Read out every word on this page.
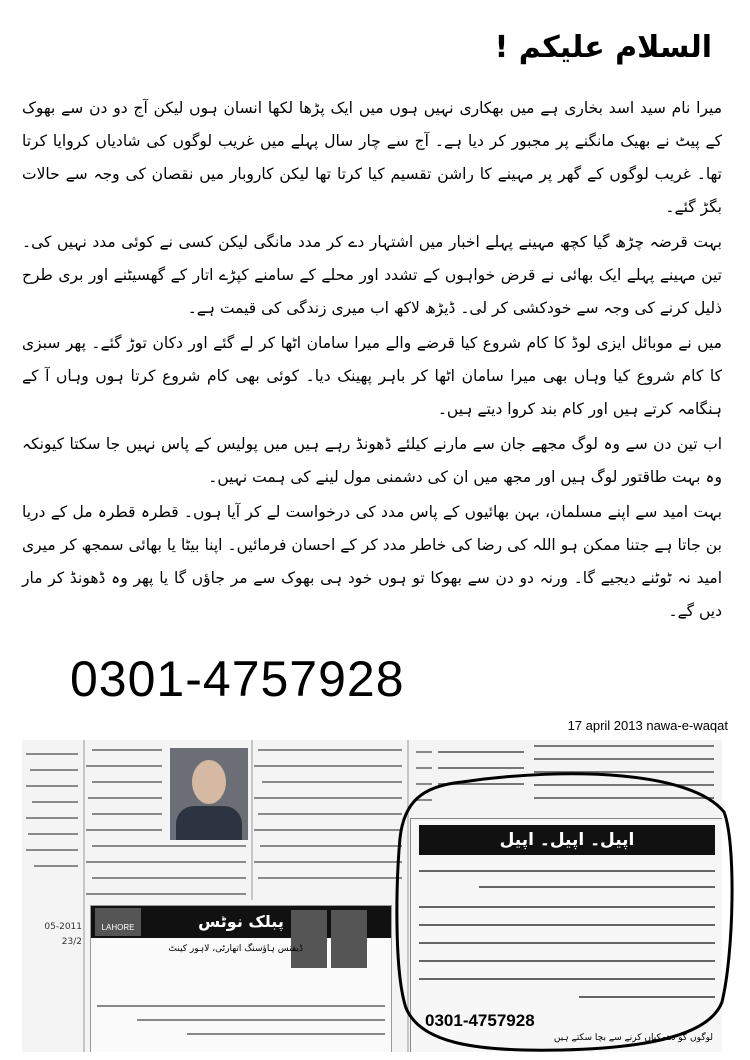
السلام علیکم !

میرا نام سید اسد بخاری ہے میں بھکاری نہیں ہوں میں ایک پڑھا لکھا انسان ہوں لیکن آج دو دن سے بھوک کے پیٹ نے بھیک مانگنے پر مجبور کر دیا ہے۔ آج سے چار سال پہلے میں غریب لوگوں کی شادیاں کروایا کرتا تھا۔ غریب لوگوں کے گھر پر مہینے کا راشن تقسیم کیا کرتا تھا لیکن کاروبار میں نقصان کی وجہ سے حالات بگڑ گئے۔

بہت قرضہ چڑھ گیا کچھ مہینے پہلے اخبار میں اشتہار دے کر مدد مانگی لیکن کسی نے کوئی مدد نہیں کی۔ تین مہینے پہلے ایک بھائی نے قرض خواہوں کے تشدد اور محلے کے سامنے کپڑے اتار کے گھسیٹنے اور بری طرح ذلیل کرنے کی وجہ سے خودکشی کر لی۔ ڈیڑھ لاکھ اب میری زندگی کی قیمت ہے۔

میں نے موبائل ایزی لوڈ کا کام شروع کیا قرضے والے میرا سامان اٹھا کر لے گئے اور دکان توڑ گئے۔ پھر سبزی کا کام شروع کیا وہاں بھی میرا سامان اٹھا کر باہر پھینک دیا۔ کوئی بھی کام شروع کرتا ہوں وہاں آ کے ہنگامہ کرتے ہیں اور کام بند کروا دیتے ہیں۔

اب تین دن سے وہ لوگ مجھے جان سے مارنے کیلئے ڈھونڈ رہے ہیں میں پولیس کے پاس نہیں جا سکتا کیونکہ وہ بہت طاقتور لوگ ہیں اور مجھ میں ان کی دشمنی مول لینے کی ہمت نہیں۔

بہت امید سے اپنے مسلمان، بہن بھائیوں کے پاس مدد کی درخواست لے کر آیا ہوں۔ قطرہ قطرہ مل کے دریا بن جاتا ہے جتنا ممکن ہو اللہ کی رضا کی خاطر مدد کر کے احسان فرمائیں۔ اپنا بیٹا یا بھائی سمجھ کر میری امید نہ ٹوٹنے دیجیے گا۔ ورنہ دو دن سے بھوکا تو ہوں خود ہی بھوک سے مر جاؤں گا یا پھر وہ ڈھونڈ کر مار دیں گے۔

0301-4757928
17 april 2013 nawa-e-waqat

05-2011
23/2
پبلک نوٹس
LAHORE
ڈیفنس ہاؤسنگ اتھارٹی، لاہور کینٹ
اپیل۔ اپیل۔ اپیل
0301-4757928
لوگوں کو دھمکیاں کرنے سے بچا سکتے ہیں
